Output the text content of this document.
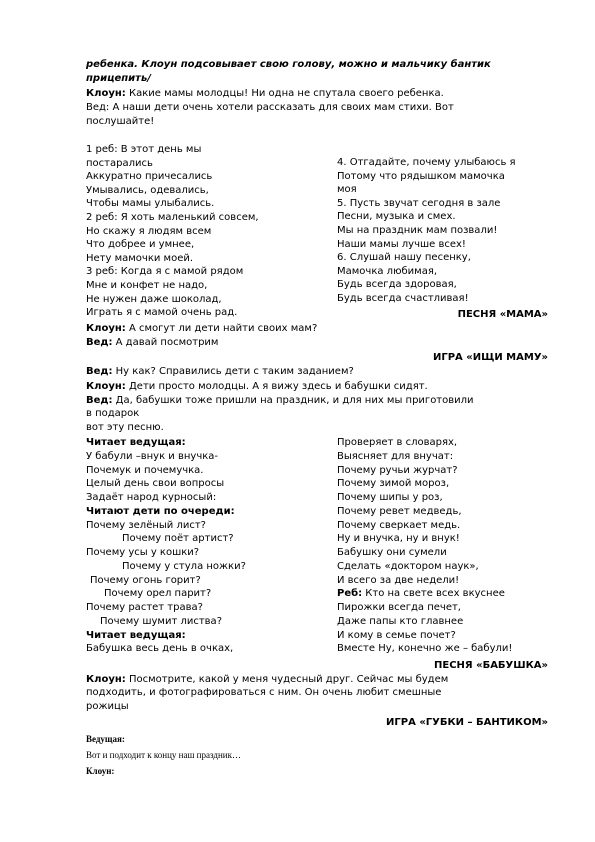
ребенка. Клоун подсовывает свою голову, можно и мальчику бантик
прицепить/
Клоун: Какие мамы молодцы! Ни одна не спутала своего ребенка.
Вед: А наши дети очень хотели рассказать для своих мам стихи. Вот
послушайте!
1 реб: В этот день мы
постарались
Аккуратно причесались
Умывались, одевались,
Чтобы мамы улыбались.
2 реб: Я хоть маленький совсем,
Но скажу я людям всем
Что добрее и умнее,
Нету мамочки моей.
3 реб: Когда я с мамой рядом
Мне и конфет не надо,
Не нужен даже шоколад,
Играть я с мамой очень рад.
4. Отгадайте, почему улыбаюсь я
Потому что рядышком мамочка
моя
5. Пусть звучат сегодня в зале
Песни, музыка и смех.
Мы на праздник мам позвали!
Наши мамы лучше всех!
6. Слушай нашу песенку,
Мамочка любимая,
Будь всегда здоровая,
Будь всегда счастливая!
ПЕСНЯ «МАМА»
Клоун: А смогут ли дети найти своих мам?
Вед: А давай посмотрим
ИГРА «ИЩИ МАМУ»
Вед: Ну как? Справились дети с таким заданием?
Клоун: Дети просто молодцы. А я вижу здесь и бабушки сидят.
Вед: Да, бабушки тоже пришли на праздник, и для них мы приготовили
в подарок
вот эту песню.
Читает ведущая:
У бабули –внук и внучка-
Почемук и почемучка.
Целый день свои вопросы
Задаёт народ курносый:
Читают дети по очереди:
Почему зелёный лист?
Почему поёт артист?
Почему усы у кошки?
Почему у стула ножки?
Почему огонь горит?
Почему орел парит?
Почему растет трава?
Почему шумит листва?
Читает ведущая:
Бабушка весь день в очках,
Проверяет в словарях,
Выясняет для внучат:
Почему ручьи журчат?
Почему зимой мороз,
Почему шипы у роз,
Почему ревет медведь,
Почему сверкает медь.
Ну и внучка, ну и внук!
Бабушку они сумели
Сделать «доктором наук»,
И всего за две недели!
Реб: Кто на свете всех вкуснее
Пирожки всегда печет,
Даже папы кто главнее
И кому в семье почет?
Вместе Ну, конечно же – бабули!
ПЕСНЯ «БАБУШКА»
Клоун: Посмотрите, какой у меня чудесный друг. Сейчас мы будем
подходить, и фотографироваться с ним. Он очень любит смешные
рожицы
ИГРА «ГУБКИ – БАНТИКОМ»
Ведущая:
Вот и подходит к концу наш праздник…
Клоун:
